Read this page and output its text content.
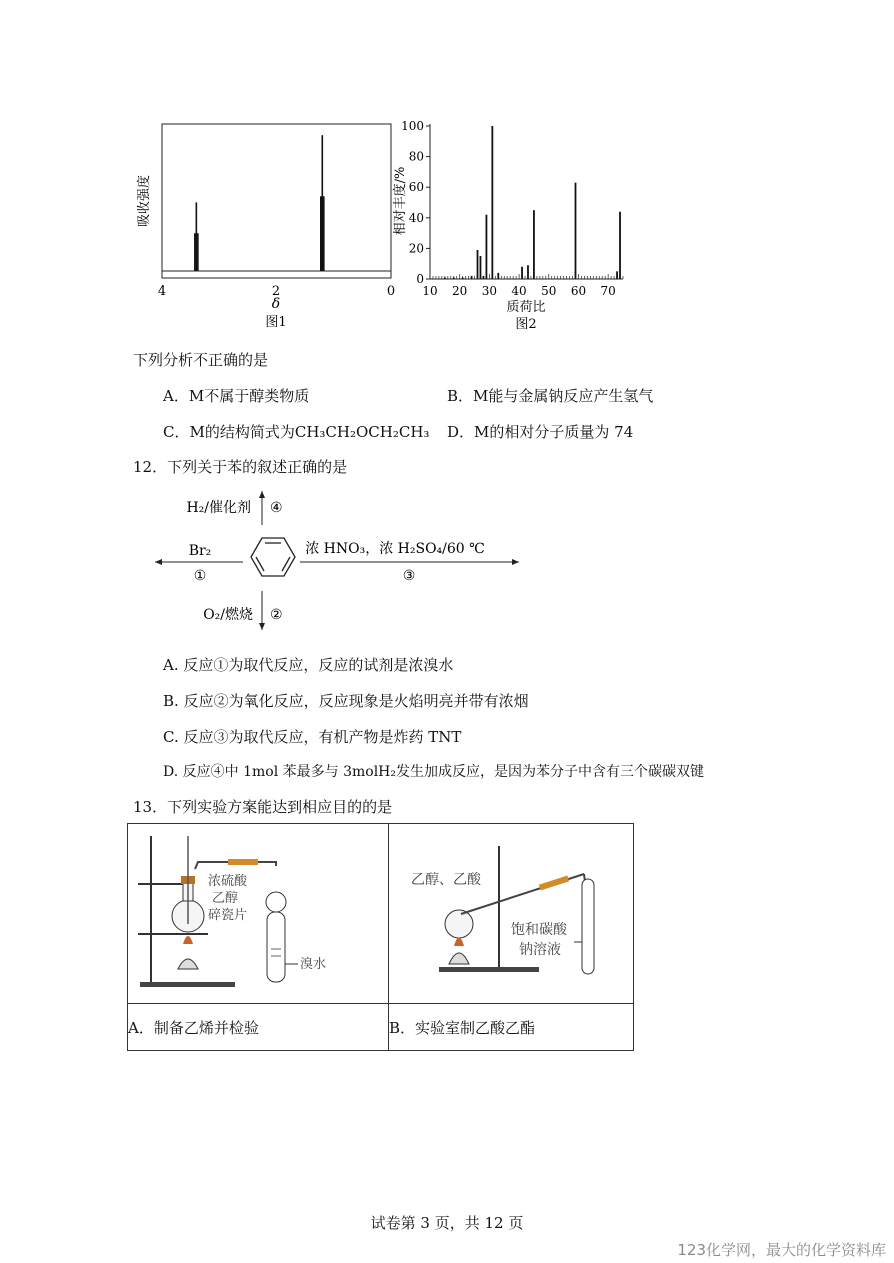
吸收强度
4	2	0
δ
图1
0
20
40
60
80
100
10 20 30 40 50 60 70
相对丰度/%
质荷比
图2
下列分析不正确的是
A．M不属于醇类物质	B．M能与金属钠反应产生氢气
C．M的结构简式为CH₃CH₂OCH₂CH₃ D．M的相对分子质量为 74
12．下列关于苯的叙述正确的是
H₂/催化剂 ④
Br₂
①
浓 HNO₃，浓 H₂SO₄/60 ℃
③
O₂/燃烧 ②
A. 反应①为取代反应，反应的试剂是浓溴水
B. 反应②为氧化反应，反应现象是火焰明亮并带有浓烟
C. 反应③为取代反应，有机产物是炸药 TNT
D. 反应④中 1mol 苯最多与 3molH₂发生加成反应，是因为苯分子中含有三个碳碳双键
13．下列实验方案能达到相应目的的是
浓硫酸
乙醇
碎瓷片
溴水	乙醇、乙酸
饱和碳酸
钠溶液

A．制备乙烯并检验	B．实验室制乙酸乙酯
试卷第 3 页，共 12 页
123化学网，最大的化学资料库
